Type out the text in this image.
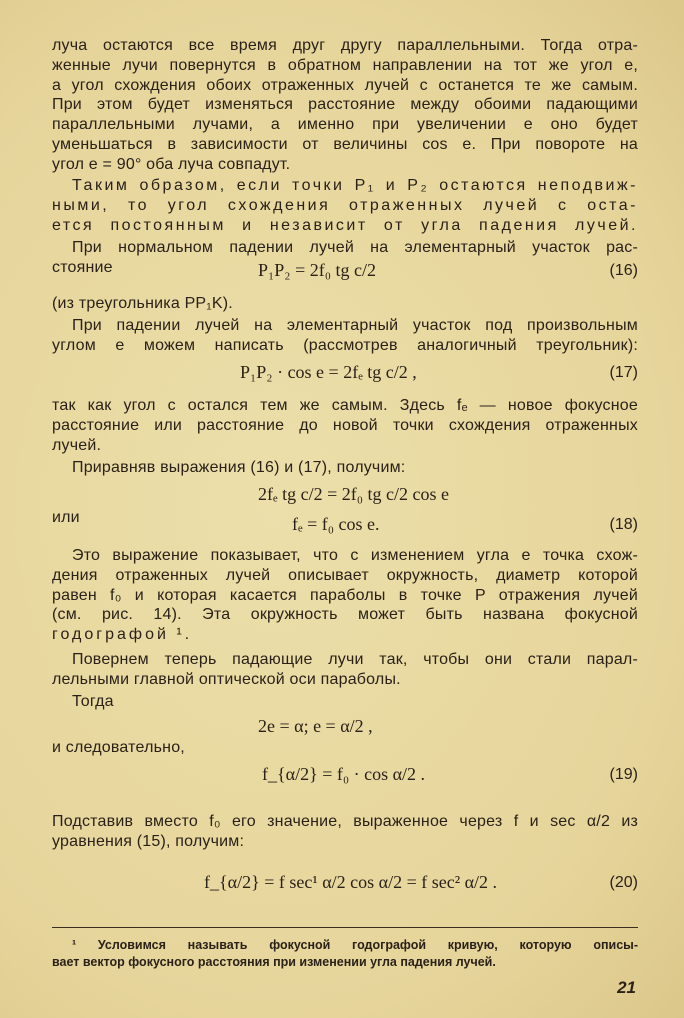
луча остаются все время друг другу параллельными. Тогда отра-
женные лучи повернутся в обратном направлении на тот же угол e,
а угол схождения обоих отраженных лучей c останется те же самым.
При этом будет изменяться расстояние между обоими падающими
параллельными лучами, а именно при увеличении e оно будет
уменьшаться в зависимости от величины cos e. При повороте на
угол e = 90° оба луча совпадут.
Таким образом, если точки P₁ и P₂ остаются неподвиж-
ными, то угол схождения отраженных лучей c оста-
ется постоянным и независит от угла падения лучей.
При нормальном падении лучей на элементарный участок рас-
стояние	P₁P₂ = 2f₀ tg c/2	(16)
(из треугольника PP₁K).
При падении лучей на элементарный участок под произвольным
углом e можем написать (рассмотрев аналогичный треугольник):
P₁P₂ · cos e = 2fₑ tg c/2 ,	(17)
так как угол c остался тем же самым. Здесь fₑ — новое фокусное
расстояние или расстояние до новой точки схождения отраженных
лучей.
Приравняв выражения (16) и (17), получим:
2fₑ tg c/2 = 2f₀ tg c/2 cos e
или	fₑ = f₀ cos e.	(18)
Это выражение показывает, что с изменением угла e точка схож-
дения отраженных лучей описывает окружность, диаметр которой
равен f₀ и которая касается параболы в точке P отражения лучей
(см. рис. 14). Эта окружность может быть названа фокусной
годографой ¹.
Повернем теперь падающие лучи так, чтобы они стали парал-
лельными главной оптической оси параболы.
Тогда
2e = α; e = α/2 ,
и следовательно,
f_{α/2} = f₀ · cos α/2 .	(19)
Подставив вместо f₀ его значение, выраженное через f и sec α/2 из
уравнения (15), получим:
f_{α/2} = f sec¹ α/2 cos α/2 = f sec² α/2 .	(20)
¹ Условимся называть фокусной годографой кривую, которую описы-
вает вектор фокусного расстояния при изменении угла падения лучей.
21
